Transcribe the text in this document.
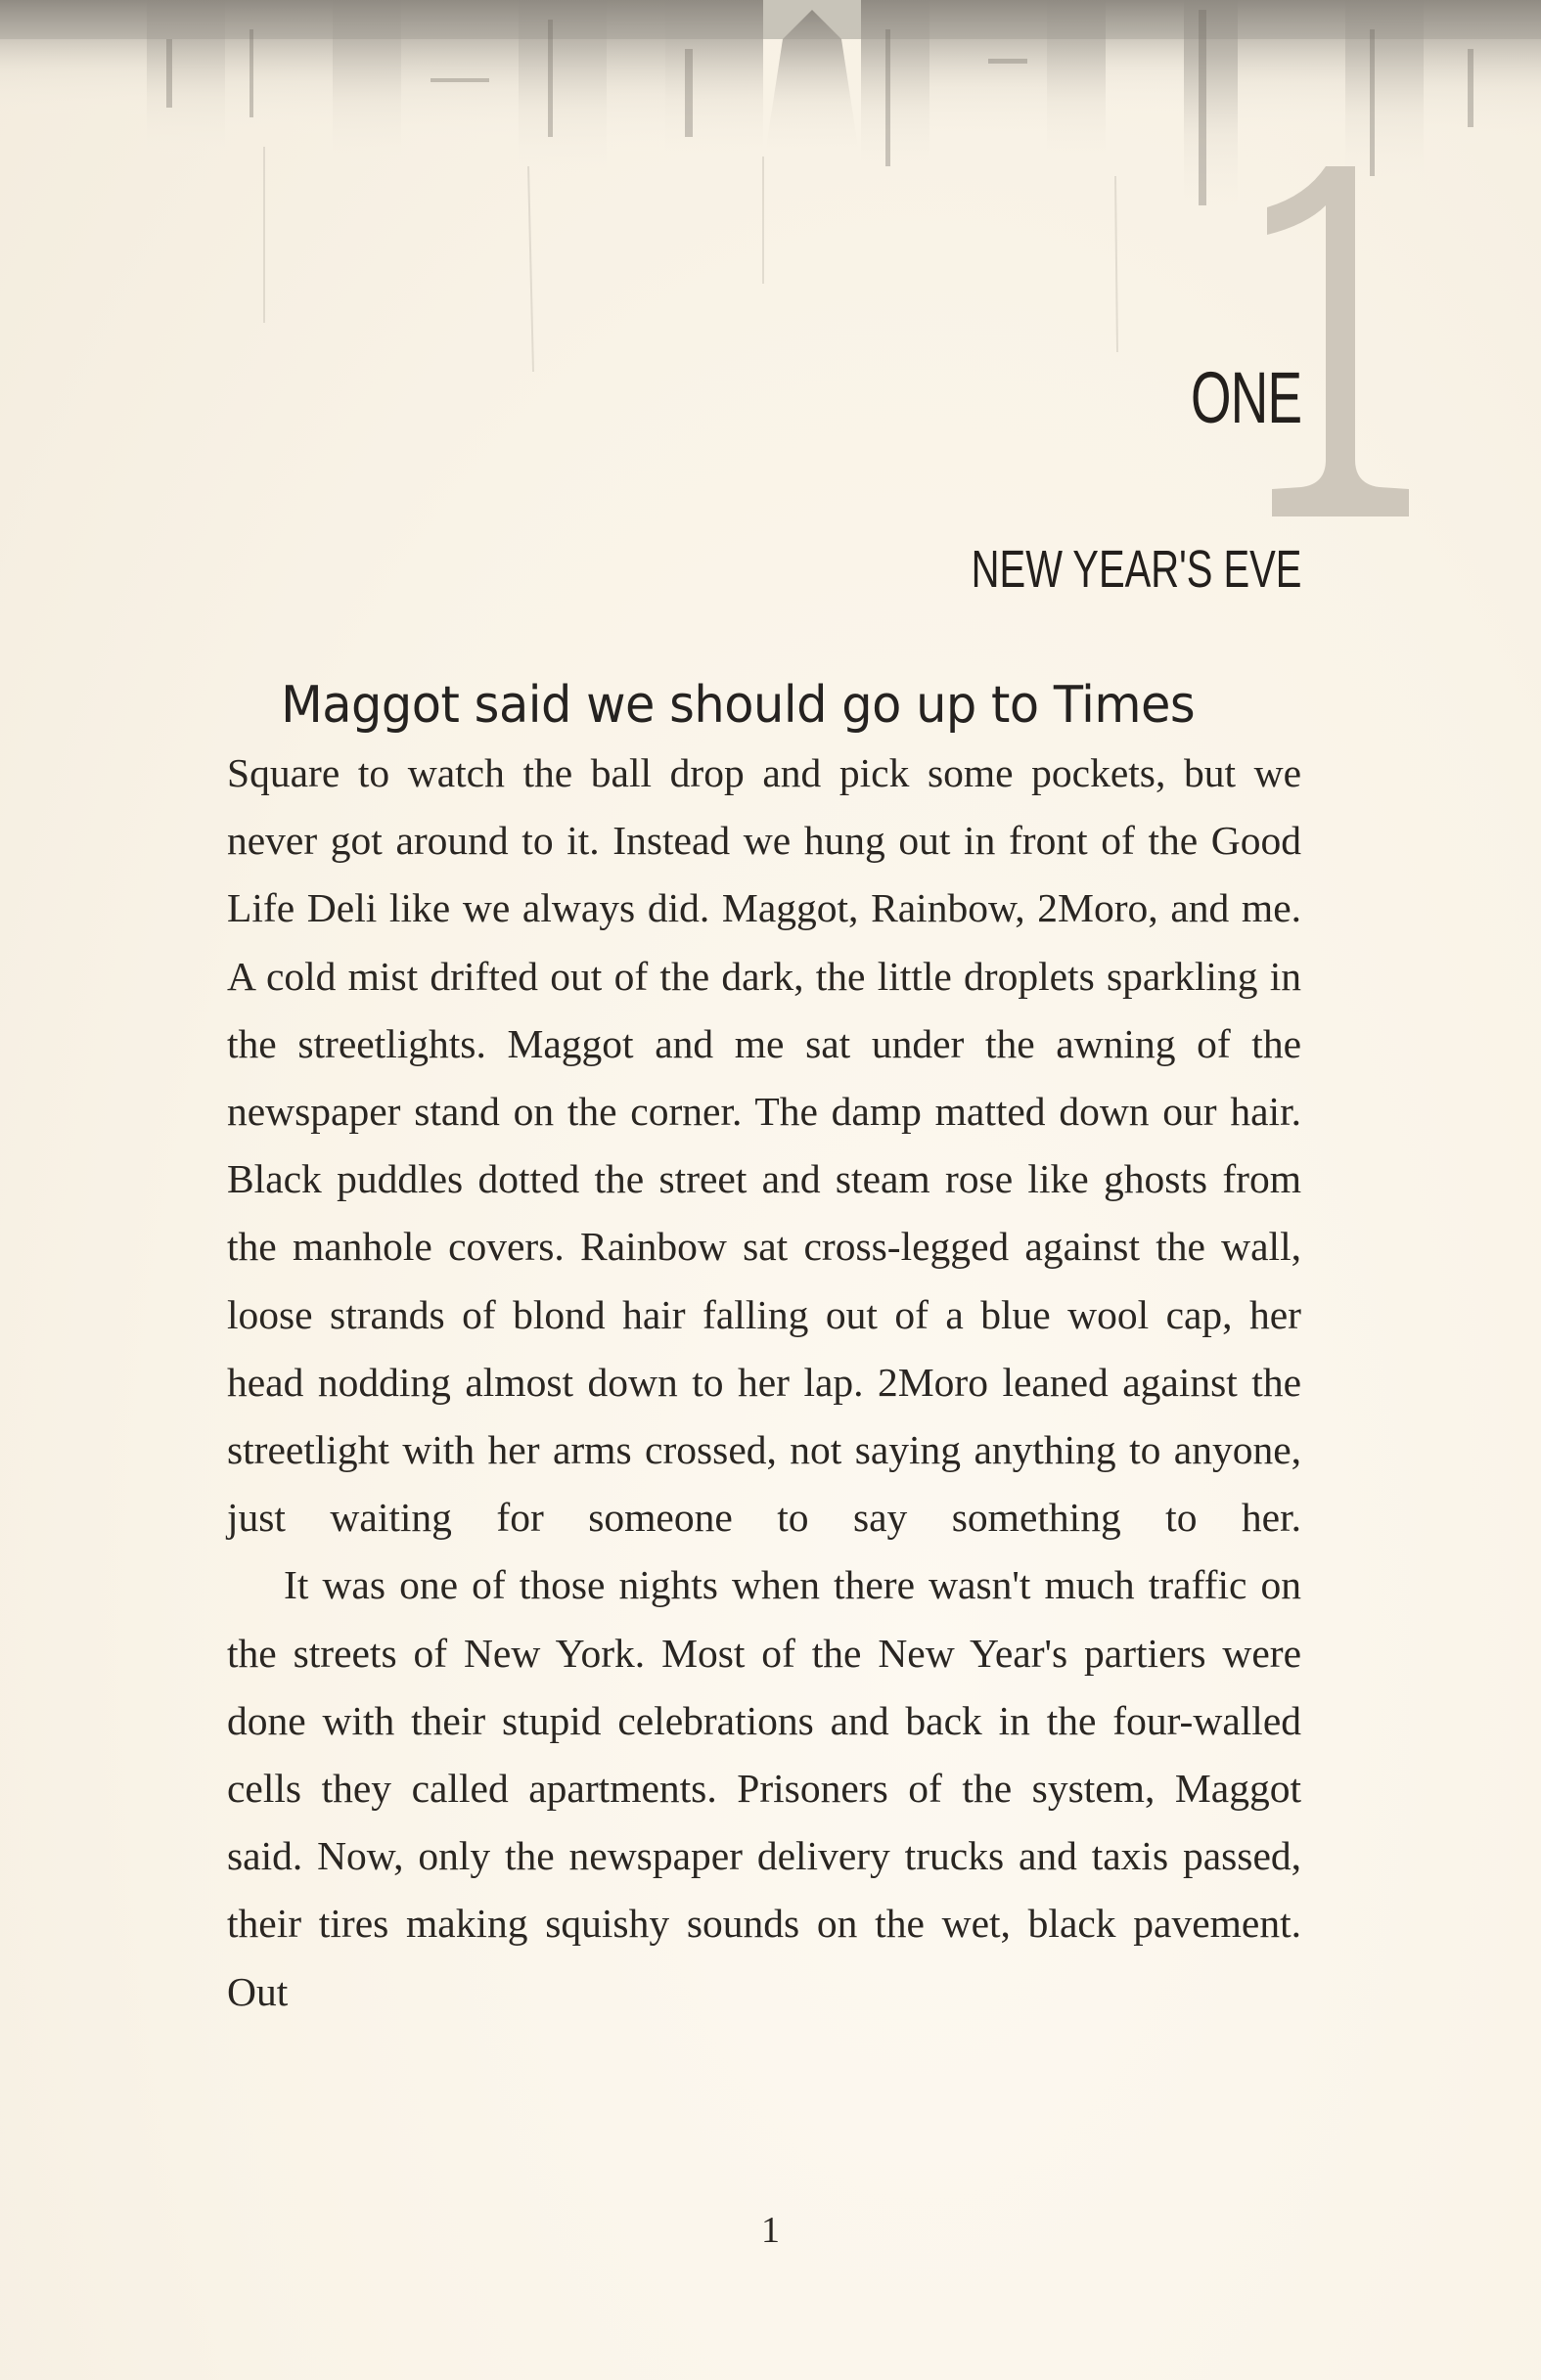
ONE
NEW YEAR'S EVE

Maggot said we should go up to Times

Square to watch the ball drop and pick some pockets, but we never got around to it. Instead we hung out in front of the Good Life Deli like we always did. Maggot, Rainbow, 2Moro, and me. A cold mist drifted out of the dark, the little droplets sparkling in the streetlights. Maggot and me sat under the awning of the newspaper stand on the corner. The damp matted down our hair. Black puddles dotted the street and steam rose like ghosts from the manhole covers. Rainbow sat cross-legged against the wall, loose strands of blond hair falling out of a blue wool cap, her head nodding almost down to her lap. 2Moro leaned against the streetlight with her arms crossed, not saying anything to anyone, just waiting for someone to say something to her.

It was one of those nights when there wasn't much traffic on the streets of New York. Most of the New Year's partiers were done with their stupid celebrations and back in the four-walled cells they called apartments. Prisoners of the system, Maggot said. Now, only the newspaper delivery trucks and taxis passed, their tires making squishy sounds on the wet, black pavement. Out

1
